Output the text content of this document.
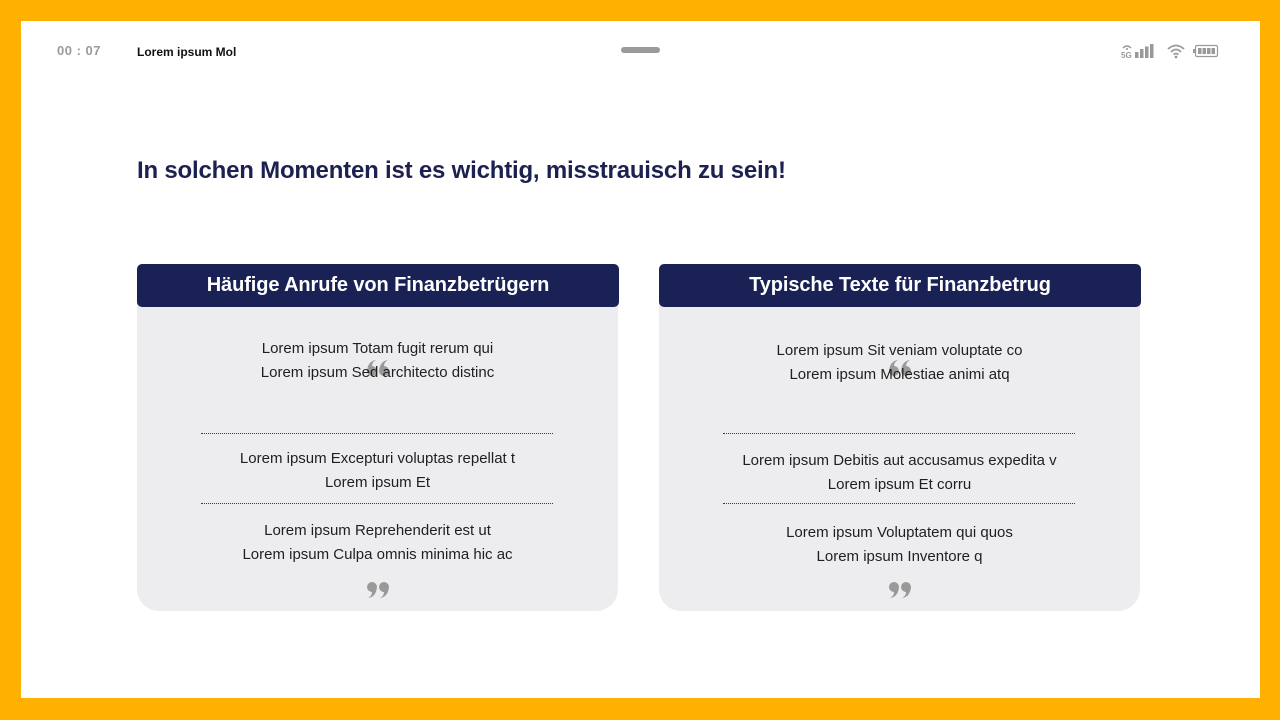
00 : 07	Lorem ipsum Mol	5G
In solchen Momenten ist es wichtig, misstrauisch zu sein!
Lorem ipsum Totam fugit rerum qui
Lorem ipsum Sed architecto distinc
Lorem ipsum Excepturi voluptas repellat t
Lorem ipsum Et
Lorem ipsum Reprehenderit est ut
Lorem ipsum Culpa omnis minima hic ac
Häufige Anrufe von Finanzbetrügern
Lorem ipsum Sit veniam voluptate co
Lorem ipsum Molestiae animi atq
Lorem ipsum Debitis aut accusamus expedita v
Lorem ipsum Et corru
Lorem ipsum Voluptatem qui quos
Lorem ipsum Inventore q
Typische Texte für Finanzbetrug
